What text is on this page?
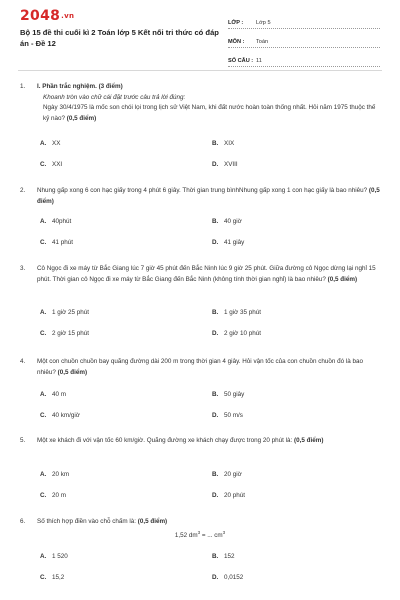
2048.vn
Bộ 15 đề thi cuối kì 2 Toán lớp 5 Kết nối tri thức có đáp án - Đề 12
LỚP :	Lớp 5
MÔN :	Toán
SỐ CÂU : 11
1.	I. Phần trắc nghiệm. (3 điểm)
Khoanh tròn vào chữ cái đặt trước câu trả lời đúng:
Ngày 30/4/1975 là mốc son chói lọi trong lịch sử Việt Nam, khi đất nước hoàn toàn thống nhất. Hỏi năm 1975 thuộc thế kỷ nào? (0,5 điểm)
A. XX	B. XIX
C. XXI	D. XVIII
2.	Nhung gấp xong 6 con hạc giấy trong 4 phút 6 giây. Thời gian trung bìnhNhung gấp xong 1 con hạc giấy là bao nhiêu? (0,5 điểm)
A. 40phút	B. 40 giờ
C. 41 phút	D. 41 giây
3.	Cô Ngọc đi xe máy từ Bắc Giang lúc 7 giờ 45 phút đến Bắc Ninh lúc 9 giờ 25 phút. Giữa đường cô Ngọc dừng lại nghỉ 15 phút. Thời gian cô Ngọc đi xe máy từ Bắc Giang đến Bắc Ninh (không tính thời gian nghỉ) là bao nhiêu? (0,5 điểm)
A. 1 giờ 25 phút	B. 1 giờ 35 phút
C. 2 giờ 15 phút	D. 2 giờ 10 phút
4.	Một con chuồn chuồn bay quãng đường dài 200 m trong thời gian 4 giây. Hỏi vận tốc của con chuồn chuồn đó là bao nhiêu? (0,5 điểm)
A. 40 m	B. 50 giây
C. 40 km/giờ	D. 50 m/s
5.	Một xe khách đi với vận tốc 60 km/giờ. Quãng đường xe khách chạy được trong 20 phút là: (0,5 điểm)
A. 20 km	B. 20 giờ
C. 20 m	D. 20 phút
6.	Số thích hợp điền vào chỗ chấm là: (0,5 điểm)
1,52 $dm^3$ = ... $cm^3$
A. 1 520	B. 152
C. 15,2	D. 0,0152
